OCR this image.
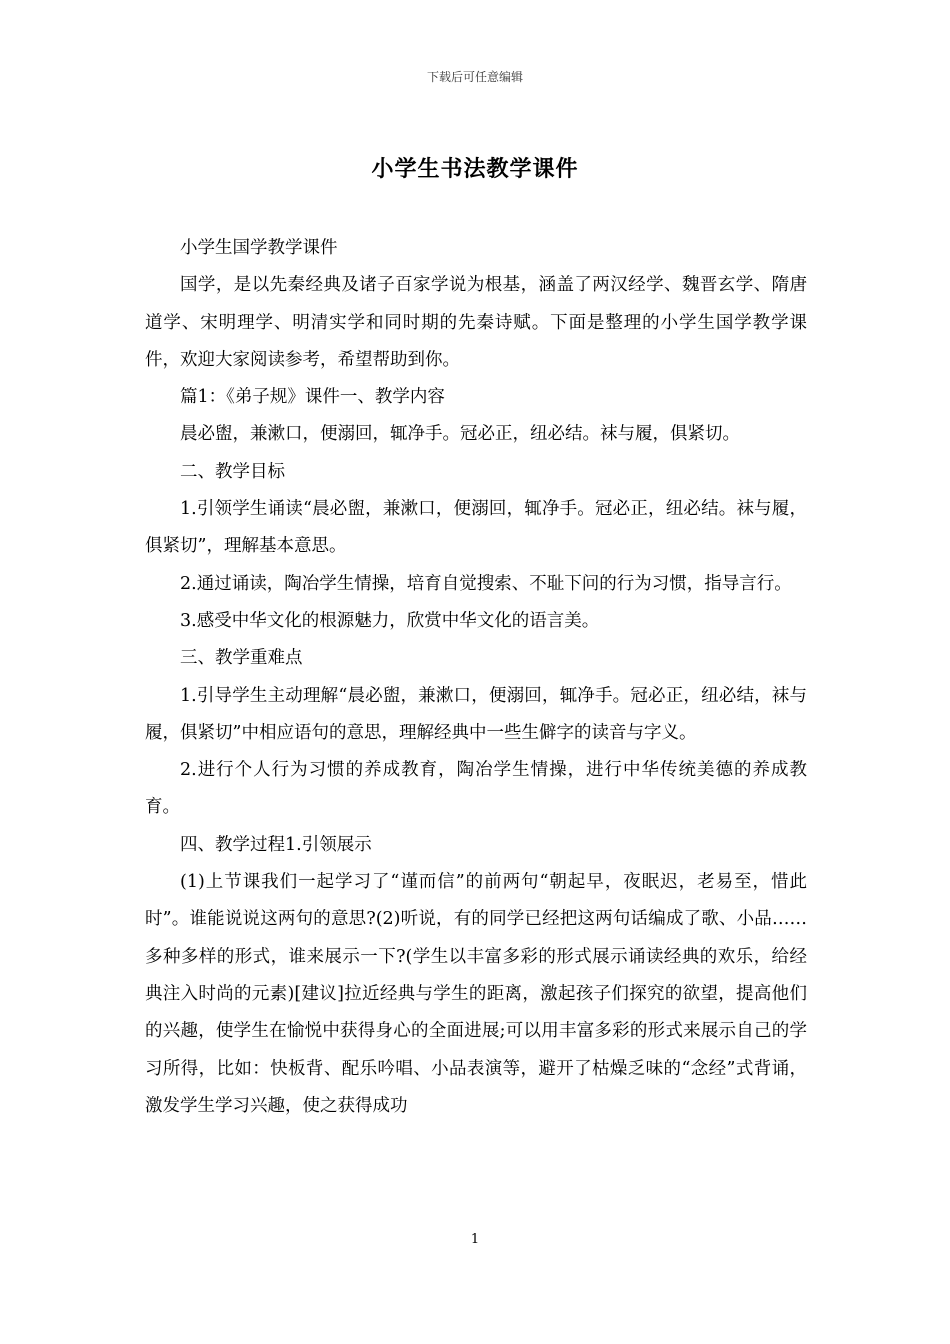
下载后可任意编辑
小学生书法教学课件

小学生国学教学课件

国学，是以先秦经典及诸子百家学说为根基，涵盖了两汉经学、魏晋玄学、隋唐道学、宋明理学、明清实学和同时期的先秦诗赋。下面是整理的小学生国学教学课件，欢迎大家阅读参考，希望帮助到你。

篇1：《弟子规》课件一、教学内容

晨必盥，兼漱口，便溺回，辄净手。冠必正，纽必结。袜与履，俱紧切。

二、教学目标

1.引领学生诵读“晨必盥，兼漱口，便溺回，辄净手。冠必正，纽必结。袜与履，俱紧切”，理解基本意思。

2.通过诵读，陶冶学生情操，培育自觉搜索、不耻下问的行为习惯，指导言行。

3.感受中华文化的根源魅力，欣赏中华文化的语言美。

三、教学重难点

1.引导学生主动理解“晨必盥，兼漱口，便溺回，辄净手。冠必正，纽必结，袜与履，俱紧切”中相应语句的意思，理解经典中一些生僻字的读音与字义。

2.进行个人行为习惯的养成教育，陶冶学生情操，进行中华传统美德的养成教育。

四、教学过程1.引领展示

(1)上节课我们一起学习了“谨而信”的前两句“朝起早，夜眠迟，老易至，惜此时”。谁能说说这两句的意思?(2)听说，有的同学已经把这两句话编成了歌、小品……多种多样的形式，谁来展示一下?(学生以丰富多彩的形式展示诵读经典的欢乐，给经典注入时尚的元素)[建议]拉近经典与学生的距离，激起孩子们探究的欲望，提高他们的兴趣，使学生在愉悦中获得身心的全面进展;可以用丰富多彩的形式来展示自己的学习所得，比如：快板背、配乐吟唱、小品表演等，避开了枯燥乏味的“念经”式背诵，激发学生学习兴趣，使之获得成功

1
